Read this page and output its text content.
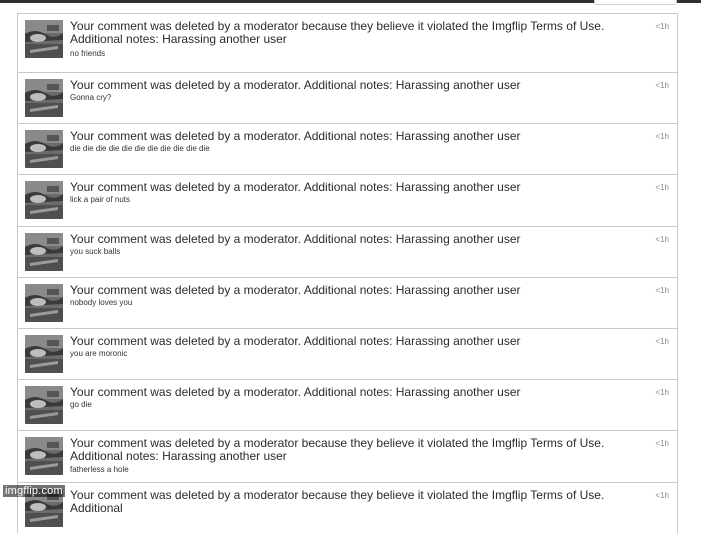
Your comment was deleted by a moderator because they believe it violated the Imgflip Terms of Use. Additional notes: Harassing another user
no friends
<1h
Your comment was deleted by a moderator. Additional notes: Harassing another user
Gonna cry?
<1h
Your comment was deleted by a moderator. Additional notes: Harassing another user
die die die die die die die die die die die
<1h
Your comment was deleted by a moderator. Additional notes: Harassing another user
lick a pair of nuts
<1h
Your comment was deleted by a moderator. Additional notes: Harassing another user
you suck balls
<1h
Your comment was deleted by a moderator. Additional notes: Harassing another user
nobody loves you
<1h
Your comment was deleted by a moderator. Additional notes: Harassing another user
you are moronic
<1h
Your comment was deleted by a moderator. Additional notes: Harassing another user
go die
<1h
Your comment was deleted by a moderator because they believe it violated the Imgflip Terms of Use. Additional notes: Harassing another user
fatherless a hole
<1h
Your comment was deleted by a moderator because they believe it violated the Imgflip Terms of Use. Additional
<1h
imgflip.com
